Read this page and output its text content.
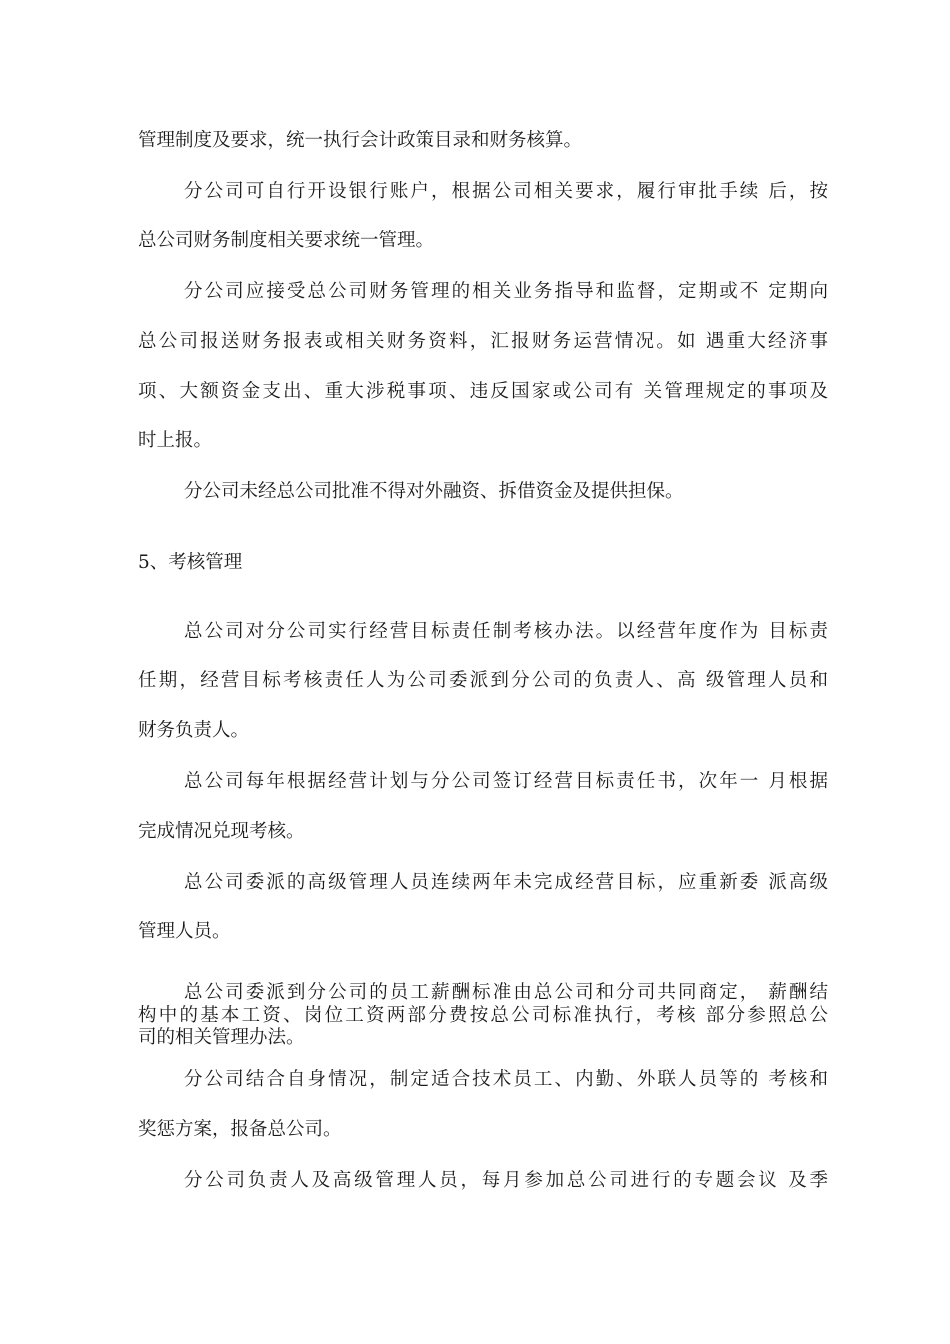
管理制度及要求，统一执行会计政策目录和财务核算。
分公司可自行开设银行账户，根据公司相关要求，履行审批手续 后，按
总公司财务制度相关要求统一管理。
分公司应接受总公司财务管理的相关业务指导和监督，定期或不 定期向
总公司报送财务报表或相关财务资料，汇报财务运营情况。如 遇重大经济事
项、大额资金支出、重大涉税事项、违反国家或公司有 关管理规定的事项及
时上报。
分公司未经总公司批准不得对外融资、拆借资金及提供担保。
5、考核管理
总公司对分公司实行经营目标责任制考核办法。以经营年度作为 目标责
任期，经营目标考核责任人为公司委派到分公司的负责人、高 级管理人员和
财务负责人。
总公司每年根据经营计划与分公司签订经营目标责任书，次年一 月根据
完成情况兑现考核。
总公司委派的高级管理人员连续两年未完成经营目标，应重新委 派高级
管理人员。
总公司委派到分公司的员工薪酬标准由总公司和分司共同商定， 薪酬结
构中的基本工资、岗位工资两部分费按总公司标准执行，考核 部分参照总公
司的相关管理办法。
分公司结合自身情况，制定适合技术员工、内勤、外联人员等的 考核和
奖惩方案，报备总公司。
分公司负责人及高级管理人员，每月参加总公司进行的专题会议 及季
